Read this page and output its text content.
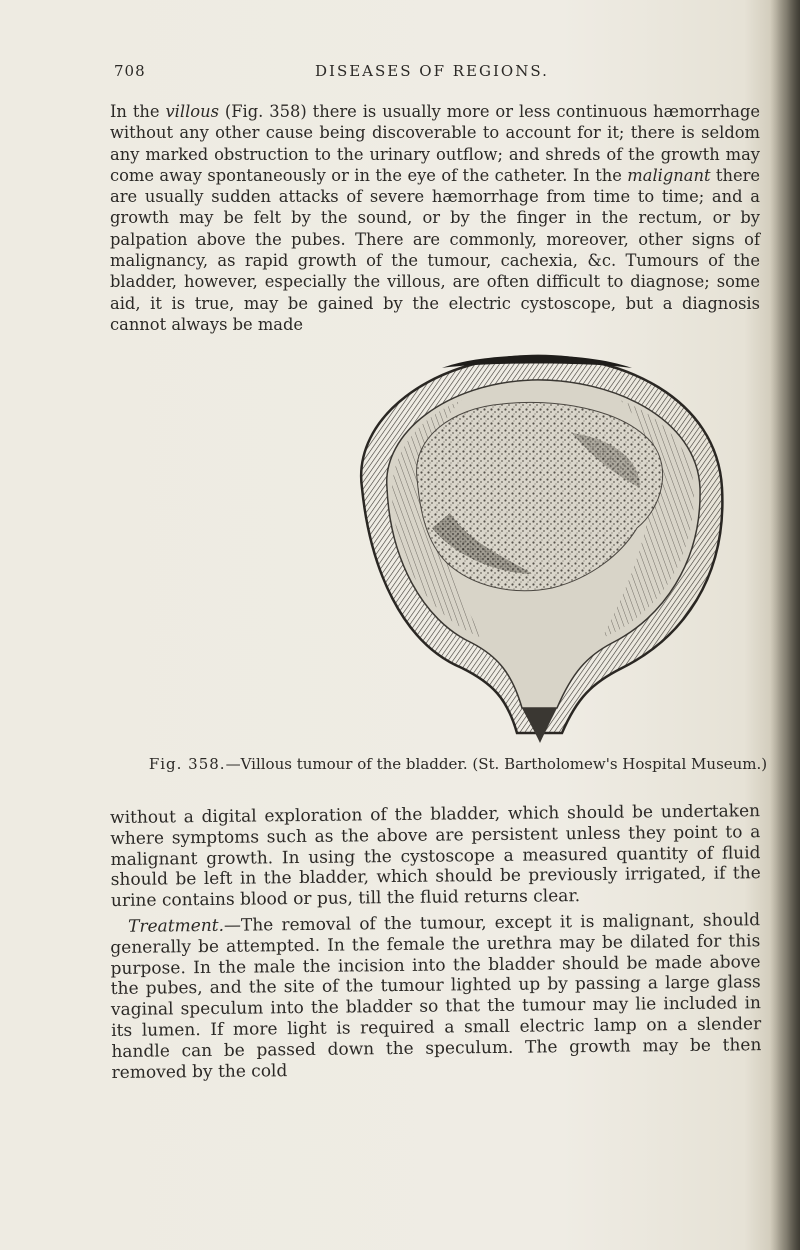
708	DISEASES OF REGIONS.

In the villous (Fig. 358) there is usually more or less continuous hæmorrhage without any other cause being discoverable to account for it; there is seldom any marked obstruction to the urinary outflow; and shreds of the growth may come away spontaneously or in the eye of the catheter. In the malignant there are usually sudden attacks of severe hæmorrhage from time to time; and a growth may be felt by the sound, or by the finger in the rectum, or by palpation above the pubes. There are commonly, moreover, other signs of malignancy, as rapid growth of the tumour, cachexia, &c. Tumours of the bladder, however, especially the villous, are often difficult to diagnose; some aid, it is true, may be gained by the electric cystoscope, but a diagnosis cannot always be made

Fig. 358.—Villous tumour of the bladder. (St. Bartholomew's Hospital Museum.)

without a digital exploration of the bladder, which should be undertaken where symptoms such as the above are persistent unless they point to a malignant growth. In using the cystoscope a measured quantity of fluid should be left in the bladder, which should be previously irrigated, if the urine contains blood or pus, till the fluid returns clear.

Treatment.—The removal of the tumour, except it is malignant, should generally be attempted. In the female the urethra may be dilated for this purpose. In the male the incision into the bladder should be made above the pubes, and the site of the tumour lighted up by passing a large glass vaginal speculum into the bladder so that the tumour may lie included in its lumen. If more light is required a small electric lamp on a slender handle can be passed down the speculum. The growth may be then removed by the cold
